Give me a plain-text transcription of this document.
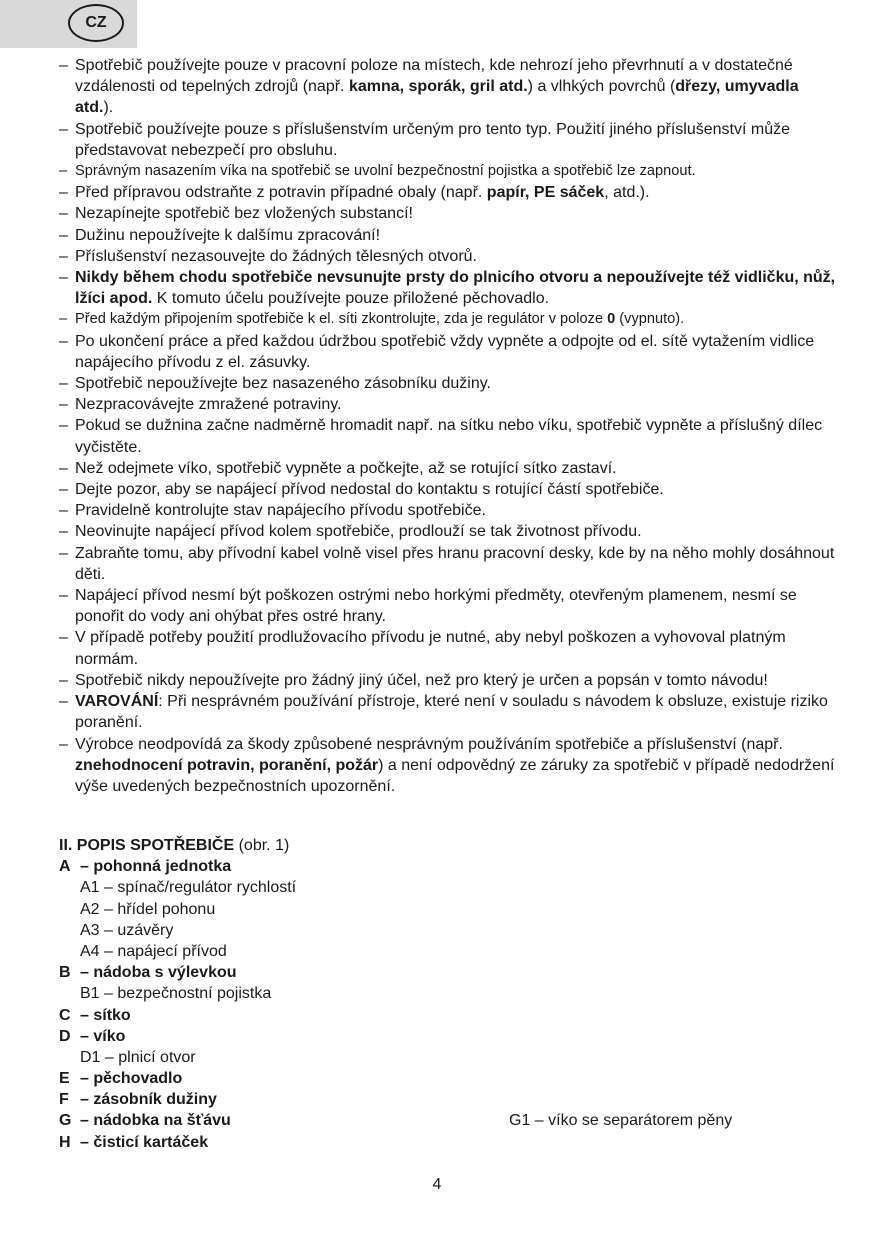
CZ
– Spotřebič používejte pouze v pracovní poloze na místech, kde nehrozí jeho převrhnutí a v dostatečné vzdálenosti od tepelných zdrojů (např. kamna, sporák, gril atd.) a vlhkých povrchů (dřezy, umyvadla atd.).
– Spotřebič používejte pouze s příslušenstvím určeným pro tento typ. Použití jiného příslušenství může představovat nebezpečí pro obsluhu.
– Správným nasazením víka na spotřebič se uvolní bezpečnostní pojistka a spotřebič lze zapnout.
– Před přípravou odstraňte z potravin případné obaly (např. papír, PE sáček, atd.).
– Nezapínejte spotřebič bez vložených substancí!
– Dužinu nepoužívejte k dalšímu zpracování!
– Příslušenství nezasouvejte do žádných tělesných otvorů.
– Nikdy během chodu spotřebiče nevsunujte prsty do plnicího otvoru a nepoužívejte též vidličku, nůž, lžíci apod. K tomuto účelu používejte pouze přiložené pěchovadlo.
– Před každým připojením spotřebiče k el. síti zkontrolujte, zda je regulátor v poloze 0 (vypnuto).
– Po ukončení práce a před každou údržbou spotřebič vždy vypněte a odpojte od el. sítě vytažením vidlice napájecího přívodu z el. zásuvky.
– Spotřebič nepoužívejte bez nasazeného zásobníku dužiny.
– Nezpracovávejte zmražené potraviny.
– Pokud se dužnina začne nadměrně hromadit např. na sítku nebo víku, spotřebič vypněte a příslušný dílec vyčistěte.
– Než odejmete víko, spotřebič vypněte a počkejte, až se rotující sítko zastaví.
– Dejte pozor, aby se napájecí přívod nedostal do kontaktu s rotující částí spotřebiče.
– Pravidelně kontrolujte stav napájecího přívodu spotřebiče.
– Neovinujte napájecí přívod kolem spotřebiče, prodlouží se tak životnost přívodu.
– Zabraňte tomu, aby přívodní kabel volně visel přes hranu pracovní desky, kde by na něho mohly dosáhnout děti.
– Napájecí přívod nesmí být poškozen ostrými nebo horkými předměty, otevřeným plamenem, nesmí se ponořit do vody ani ohýbat přes ostré hrany.
– V případě potřeby použití prodlužovacího přívodu je nutné, aby nebyl poškozen a vyhovoval platným normám.
– Spotřebič nikdy nepoužívejte pro žádný jiný účel, než pro který je určen a popsán v tomto návodu!
– VAROVÁNÍ: Při nesprávném používání přístroje, které není v souladu s návodem k obsluze, existuje riziko poranění.
– Výrobce neodpovídá za škody způsobené nesprávným používáním spotřebiče a příslušenství (např. znehodnocení potravin, poranění, požár) a není odpovědný ze záruky za spotřebič v případě nedodržení výše uvedených bezpečnostních upozornění.
II. POPIS SPOTŘEBIČE (obr. 1)
A – pohonná jednotka
A1 – spínač/regulátor rychlostí
A2 – hřídel pohonu
A3 – uzávěry
A4 – napájecí přívod
B – nádoba s výlevkou
B1 – bezpečnostní pojistka
C – sítko
D – víko
D1 – plnicí otvor
E – pěchovadlo
F – zásobník dužiny
G – nádobka na šťávu	G1 – víko se separátorem pěny
H – čisticí kartáček
4
